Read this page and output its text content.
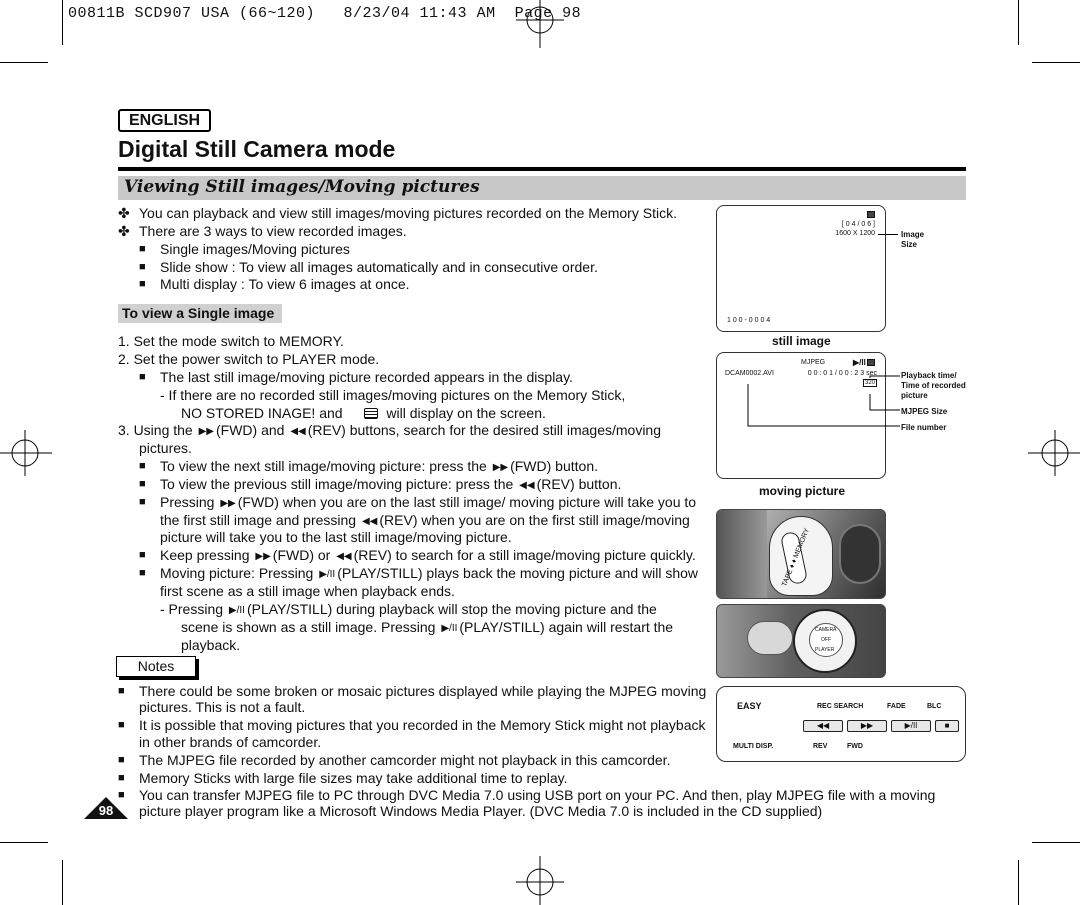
00811B SCD907 USA (66~120)   8/23/04 11:43 AM  Page 98
ENGLISH
Digital Still Camera mode
Viewing Still images/Moving pictures
✤ You can playback and view still images/moving pictures recorded on the Memory Stick.
✤ There are 3 ways to view recorded images.
■ Single images/Moving pictures
■ Slide show : To view all images automatically and in consecutive order.
■ Multi display : To view 6 images at once.
To view a Single image
1. Set the mode switch to MEMORY.
2. Set the power switch to PLAYER mode.
■ The last still image/moving picture recorded appears in the display.
- If there are no recorded still images/moving pictures on the Memory Stick,
NO STORED INAGE! and	will display on the screen.
3. Using the ▶▶ (FWD) and ◀◀ (REV) buttons, search for the desired still images/moving
pictures.
■ To view the next still image/moving picture: press the ▶▶ (FWD) button.
■ To view the previous still image/moving picture: press the ◀◀ (REV) button.
■ Pressing ▶▶ (FWD) when you are on the last still image/ moving picture will take you to
the first still image and pressing ◀◀ (REV) when you are on the first still image/moving
picture will take you to the last still image/moving picture.
■ Keep pressing ▶▶ (FWD) or ◀◀ (REV) to search for a still image/moving picture quickly.
■ Moving picture: Pressing ▶/II (PLAY/STILL) plays back the moving picture and will show
first scene as a still image when playback ends.
- Pressing ▶/II (PLAY/STILL) during playback will stop the moving picture and the
scene is shown as a still image. Pressing ▶/II (PLAY/STILL) again will restart the
playback.
Notes
■ There could be some broken or mosaic pictures displayed while playing the MJPEG moving
pictures. This is not a fault.
■ It is possible that moving pictures that you recorded in the Memory Stick might not playback
in other brands of camcorder.
■ The MJPEG file recorded by another camcorder might not playback in this camcorder.
■ Memory Sticks with large file sizes may take additional time to replay.
■ You can transfer MJPEG file to PC through DVC Media 7.0 using USB port on your PC. And then, play MJPEG file with a moving
picture player program like a Microsoft Windows Media Player. (DVC Media 7.0 is included in the CD supplied)
98
[ 0 4 / 0 6 ]
1600 X 1200
1 0 0 - 0 0 0 4
Image Size
still image
MJPEG	▶/II
DCAM0002.AVI	0 0 : 0 1 / 0 0 : 2 3 sec
320
Playback time/ Time of recorded picture
MJPEG Size
File number
moving picture
TAPE ♦ ♦ MEMORY
CAMERA
OFF
PLAYER
EASY	REC SEARCH	FADE	BLC
◀◀	▶▶	▶/II	■
MULTI DISP.	REV	FWD
